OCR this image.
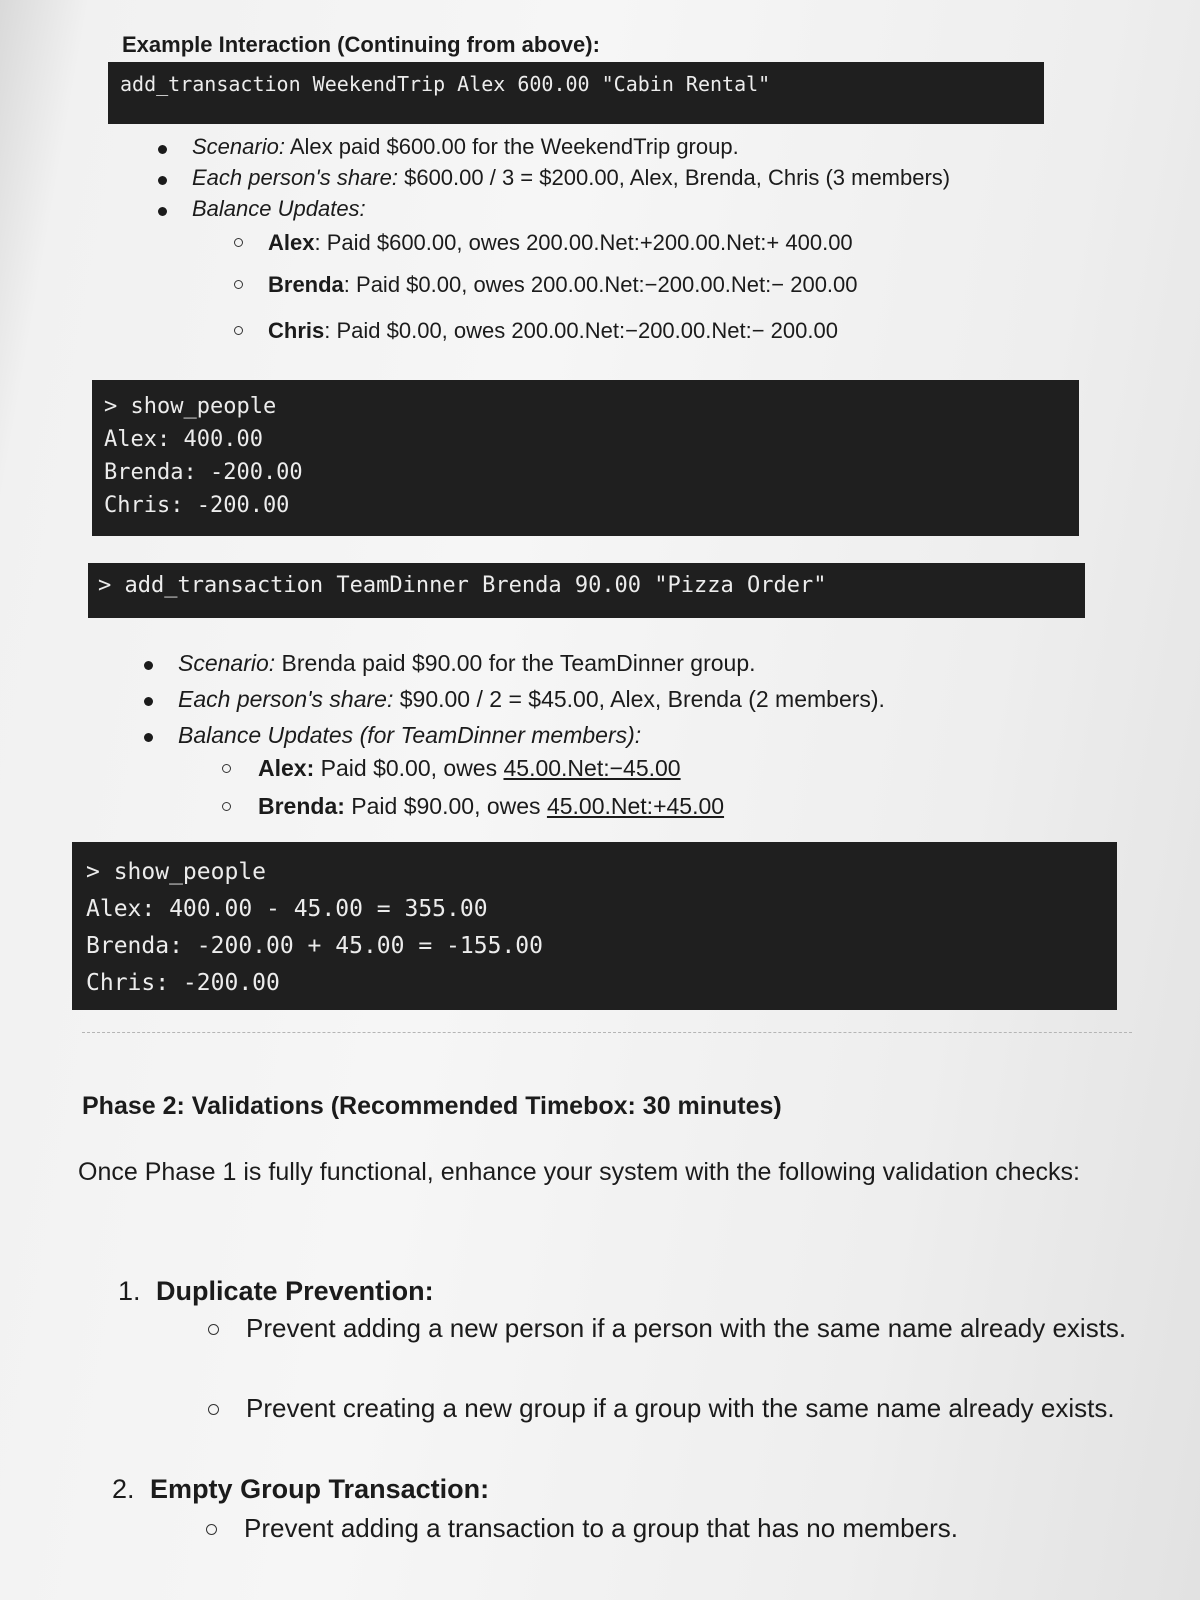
Example Interaction (Continuing from above):
add_transaction WeekendTrip Alex 600.00 "Cabin Rental"
Scenario: Alex paid $600.00 for the WeekendTrip group.
Each person's share: $600.00 / 3 = $200.00, Alex, Brenda, Chris (3 members)
Balance Updates:
Alex: Paid $600.00, owes 200.00.Net:+200.00.Net:+ 400.00
Brenda: Paid $0.00, owes 200.00.Net:−200.00.Net:− 200.00
Chris: Paid $0.00, owes 200.00.Net:−200.00.Net:− 200.00
> show_people
Alex: 400.00
Brenda: -200.00
Chris: -200.00
> add_transaction TeamDinner Brenda 90.00 "Pizza Order"
Scenario: Brenda paid $90.00 for the TeamDinner group.
Each person's share: $90.00 / 2 = $45.00, Alex, Brenda (2 members).
Balance Updates (for TeamDinner members):
Alex: Paid $0.00, owes 45.00.Net:−45.00
Brenda: Paid $90.00, owes 45.00.Net:+45.00
> show_people
Alex: 400.00 - 45.00 = 355.00
Brenda: -200.00 + 45.00 = -155.00
Chris: -200.00
Phase 2: Validations (Recommended Timebox: 30 minutes)
Once Phase 1 is fully functional, enhance your system with the following validation checks:
1. Duplicate Prevention:
Prevent adding a new person if a person with the same name already exists.
Prevent creating a new group if a group with the same name already exists.
2. Empty Group Transaction:
Prevent adding a transaction to a group that has no members.
